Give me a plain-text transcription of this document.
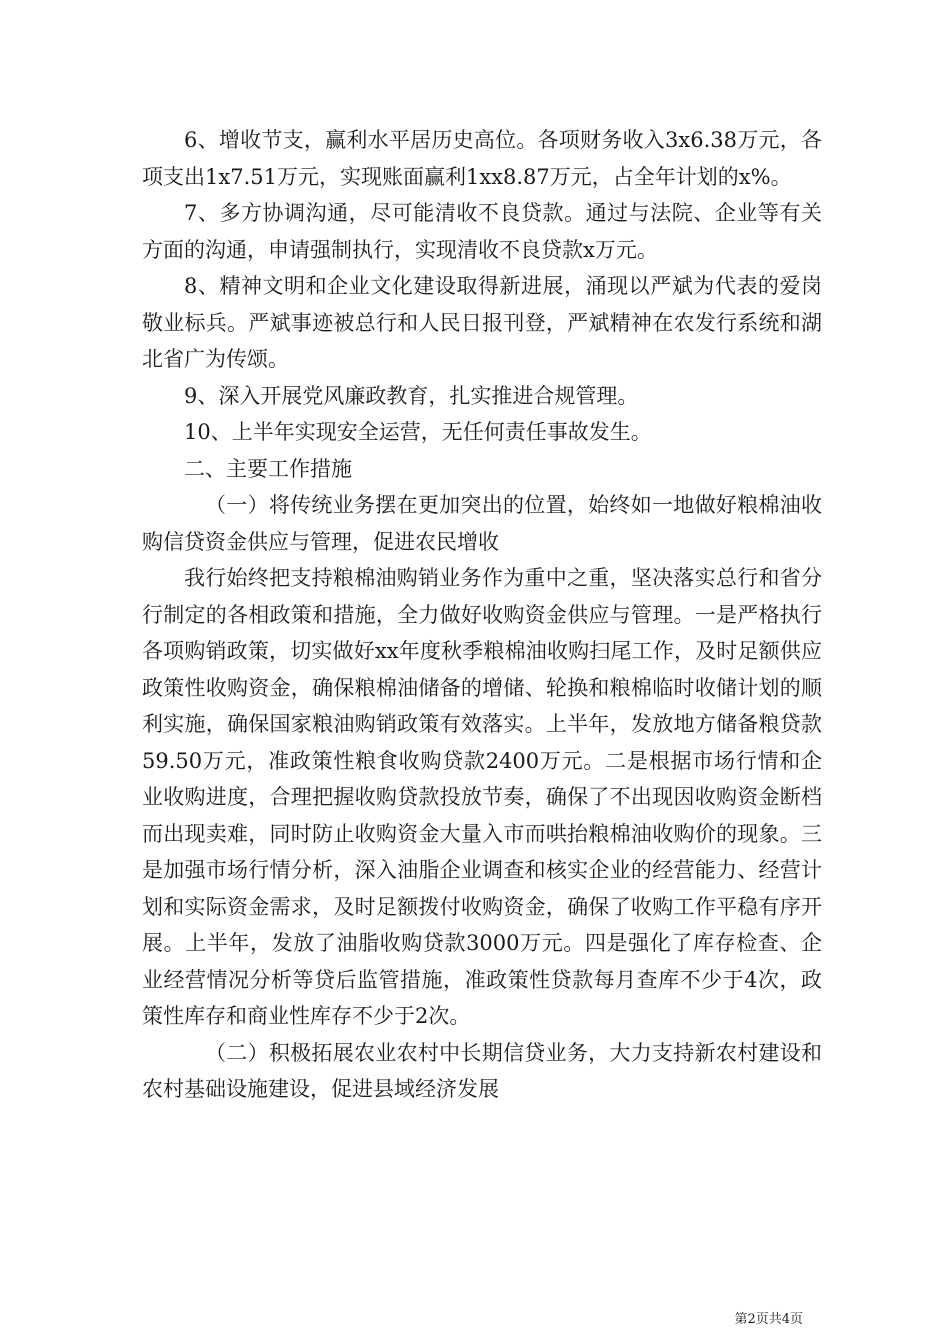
6、增收节支，赢利水平居历史高位。各项财务收入3x6.38万元，各项支出1x7.51万元，实现账面赢利1xx8.87万元，占全年计划的x%。

7、多方协调沟通，尽可能清收不良贷款。通过与法院、企业等有关方面的沟通，申请强制执行，实现清收不良贷款x万元。

8、精神文明和企业文化建设取得新进展，涌现以严斌为代表的爱岗敬业标兵。严斌事迹被总行和人民日报刊登，严斌精神在农发行系统和湖北省广为传颂。

9、深入开展党风廉政教育，扎实推进合规管理。

10、上半年实现安全运营，无任何责任事故发生。

二、主要工作措施

（一）将传统业务摆在更加突出的位置，始终如一地做好粮棉油收购信贷资金供应与管理，促进农民增收

我行始终把支持粮棉油购销业务作为重中之重，坚决落实总行和省分行制定的各相政策和措施，全力做好收购资金供应与管理。一是严格执行各项购销政策，切实做好xx年度秋季粮棉油收购扫尾工作，及时足额供应政策性收购资金，确保粮棉油储备的增储、轮换和粮棉临时收储计划的顺利实施，确保国家粮油购销政策有效落实。上半年，发放地方储备粮贷款59.50万元，准政策性粮食收购贷款2400万元。二是根据市场行情和企业收购进度，合理把握收购贷款投放节奏，确保了不出现因收购资金断档而出现卖难，同时防止收购资金大量入市而哄抬粮棉油收购价的现象。三是加强市场行情分析，深入油脂企业调查和核实企业的经营能力、经营计划和实际资金需求，及时足额拨付收购资金，确保了收购工作平稳有序开展。上半年，发放了油脂收购贷款3000万元。四是强化了库存检查、企业经营情况分析等贷后监管措施，准政策性贷款每月查库不少于4次，政策性库存和商业性库存不少于2次。

（二）积极拓展农业农村中长期信贷业务，大力支持新农村建设和农村基础设施建设，促进县域经济发展

第2页共4页
